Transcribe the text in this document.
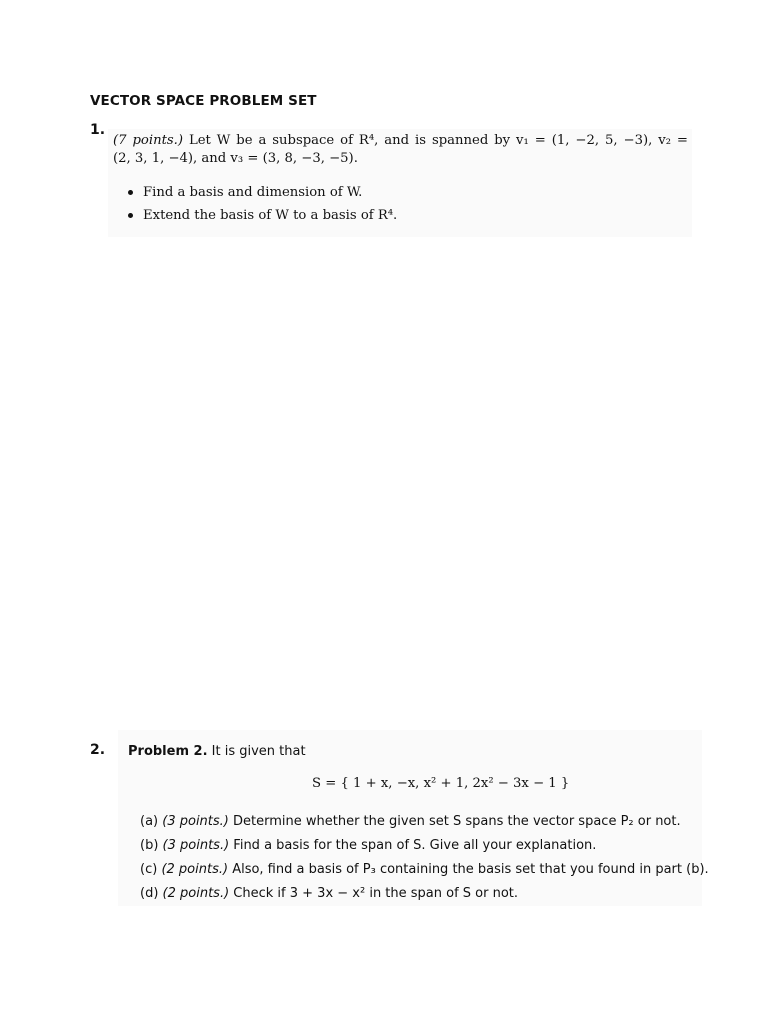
VECTOR SPACE PROBLEM SET
1.
(7 points.) Let W be a subspace of R⁴, and is spanned by v₁ = (1, −2, 5, −3), v₂ =
(2, 3, 1, −4), and v₃ = (3, 8, −3, −5).
Find a basis and dimension of W.
Extend the basis of W to a basis of R⁴.
2. Problem 2. It is given that
S = { 1 + x, −x, x² + 1, 2x² − 3x − 1 }
(a) (3 points.) Determine whether the given set S spans the vector space P₂ or not.
(b) (3 points.) Find a basis for the span of S. Give all your explanation.
(c) (2 points.) Also, find a basis of P₃ containing the basis set that you found in part (b).
(d) (2 points.) Check if 3 + 3x − x² in the span of S or not.
